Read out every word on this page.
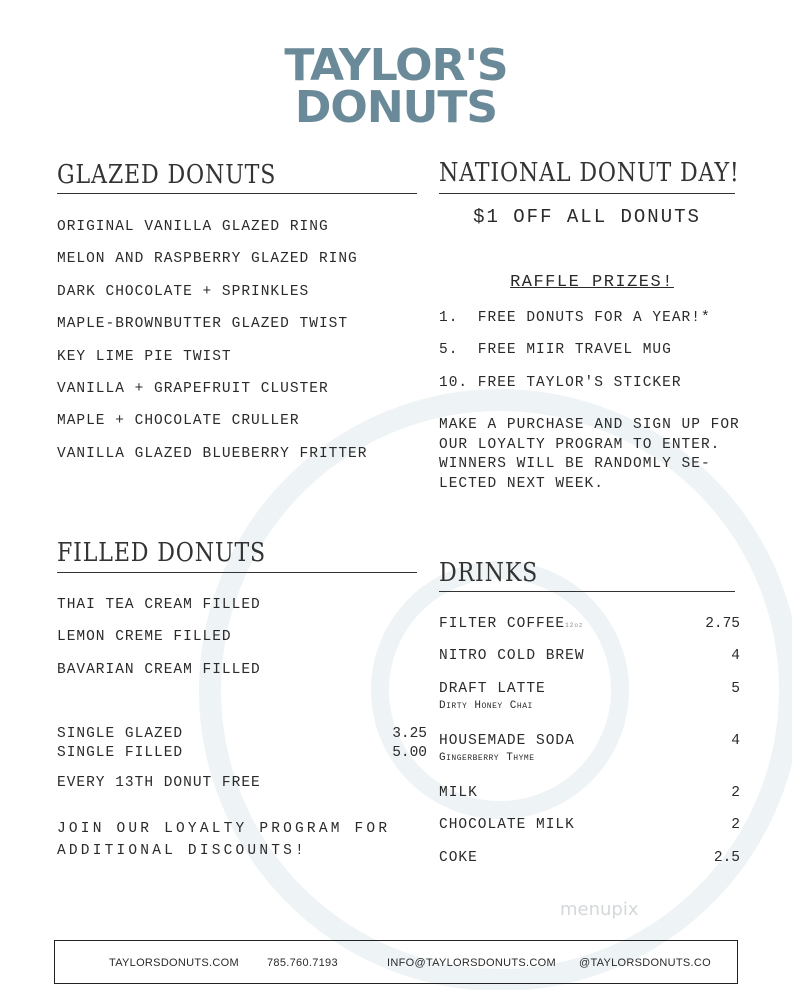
menupix
TAYLOR'S
DONUTS
GLAZED DONUTS
ORIGINAL VANILLA GLAZED RING
MELON AND RASPBERRY GLAZED RING
DARK CHOCOLATE + SPRINKLES
MAPLE-BROWNBUTTER GLAZED TWIST
KEY LIME PIE TWIST
VANILLA + GRAPEFRUIT CLUSTER
MAPLE + CHOCOLATE CRULLER
VANILLA GLAZED BLUEBERRY FRITTER
FILLED DONUTS
THAI TEA CREAM FILLED
LEMON CREME FILLED
BAVARIAN CREAM FILLED
SINGLE GLAZED	3.25
SINGLE FILLED	5.00
EVERY 13TH DONUT FREE
JOIN OUR LOYALTY PROGRAM FOR
ADDITIONAL DISCOUNTS!
NATIONAL DONUT DAY!
$1 OFF ALL DONUTS
RAFFLE PRIZES!
1.  FREE DONUTS FOR A YEAR!*
5.  FREE MIIR TRAVEL MUG
10. FREE TAYLOR'S STICKER
MAKE A PURCHASE AND SIGN UP FOR
OUR LOYALTY PROGRAM TO ENTER.
WINNERS WILL BE RANDOMLY SE-
LECTED NEXT WEEK.
DRINKS
FILTER COFFEE12oz	2.75
NITRO COLD BREW	4
DRAFT LATTE	5
Dirty Honey Chai
HOUSEMADE SODA	4
Gingerberry Thyme
MILK	2
CHOCOLATE MILK	2
COKE	2.5
TAYLORSDONUTS.COM	785.760.7193	INFO@TAYLORSDONUTS.COM @TAYLORSDONUTS.CO
